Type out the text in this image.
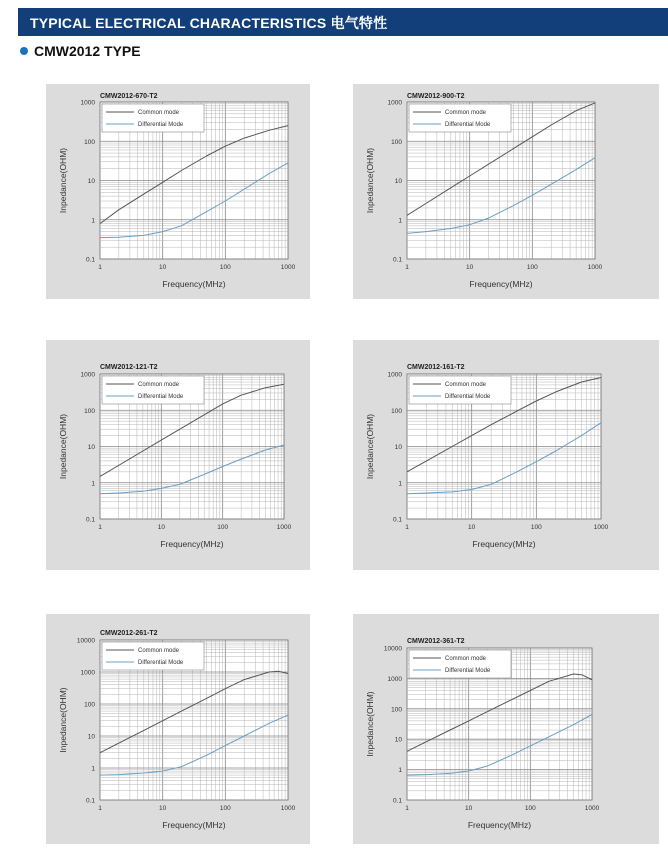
TYPICAL ELECTRICAL CHARACTERISTICS 电气特性
CMW2012 TYPE
1	10	100	1000
0.1
1
10
100
1000
Frequency(MHz)
Inpedance(OHM)
CMW2012-670-T2
Common mode
Differential Mode
1	10	100	1000
0.1
1
10
100
1000
Frequency(MHz)
Inpedance(OHM)
CMW2012-900-T2
Common mode
Differential Mode
1	10	100	1000
0.1
1
10
100
1000
Frequency(MHz)
Inpedance(OHM)
CMW2012-121-T2
Common mode
Differential Mode
1	10	100	1000
0.1
1
10
100
1000
Frequency(MHz)
Inpedance(OHM)
CMW2012-161-T2
Common mode
Differential Mode
1	10	100	1000
0.1
1
10
100
1000
10000
Frequency(MHz)
Inpedance(OHM)
CMW2012-261-T2
Common mode
Differential Mode
1	10	100	1000
0.1
1
10
100
1000
10000
Frequency(MHz)
Inpedance(OHM)
CMW2012-361-T2
Common mode
Differential Mode
